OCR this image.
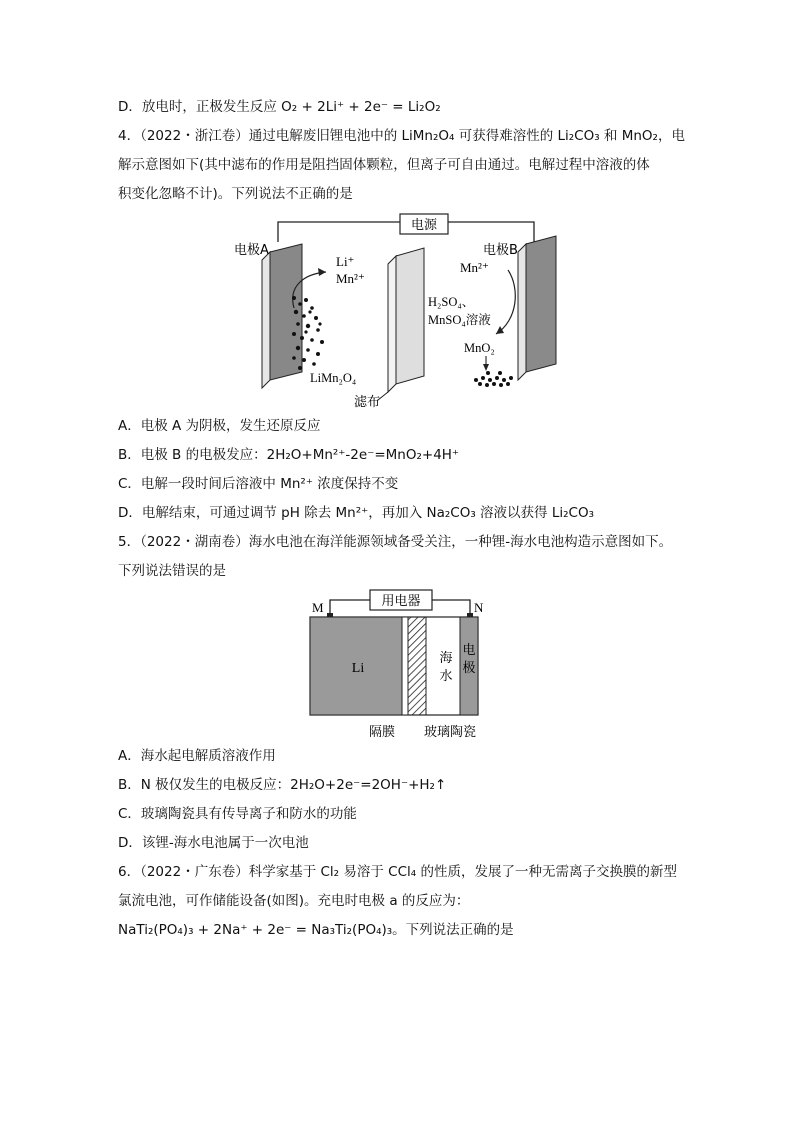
D．放电时，正极发生反应 O₂ + 2Li⁺ + 2e⁻ = Li₂O₂
4．（2022・浙江卷）通过电解废旧锂电池中的 LiMn₂O₄ 可获得难溶性的 Li₂CO₃ 和 MnO₂，电
解示意图如下(其中滤布的作用是阻挡固体颗粒，但离子可自由通过。电解过程中溶液的体
积变化忽略不计)。下列说法不正确的是
电源
电极A
滤布
电极B
Li⁺
Mn²⁺
Mn²⁺
H₂SO₄、
MnSO₄溶液
MnO₂
LiMn₂O₄
A．电极 A 为阴极，发生还原反应
B．电极 B 的电极发应：2H₂O+Mn²⁺-2e⁻=MnO₂+4H⁺
C．电解一段时间后溶液中 Mn²⁺ 浓度保持不变
D．电解结束，可通过调节 pH 除去 Mn²⁺，再加入 Na₂CO₃ 溶液以获得 Li₂CO₃
5．（2022・湖南卷）海水电池在海洋能源领域备受关注，一种锂-海水电池构造示意图如下。
下列说法错误的是
用电器
M	N
Li
海
水
电
极
隔膜 玻璃陶瓷
A．海水起电解质溶液作用
B．N 极仅发生的电极反应：2H₂O+2e⁻=2OH⁻+H₂↑
C．玻璃陶瓷具有传导离子和防水的功能
D．该锂-海水电池属于一次电池
6．（2022・广东卷）科学家基于 Cl₂ 易溶于 CCl₄ 的性质，发展了一种无需离子交换膜的新型
氯流电池，可作储能设备(如图)。充电时电极 a 的反应为：
NaTi₂(PO₄)₃ + 2Na⁺ + 2e⁻ = Na₃Ti₂(PO₄)₃。下列说法正确的是
